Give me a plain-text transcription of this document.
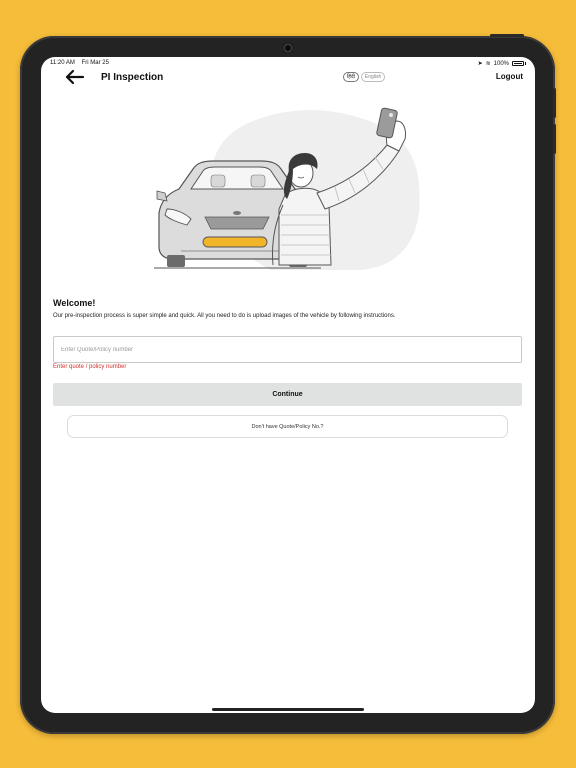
11:20 AM Fri Mar 25	➤ ≋ 100%
PI Inspection	हिंदी	English	Logout
Welcome!
Our pre-inspection process is super simple and quick. All you need to do is upload images of the vehicle by following instructions.
Enter Quote/Policy number
Enter quote / policy number
Continue
Don't have Quote/Policy No.?
